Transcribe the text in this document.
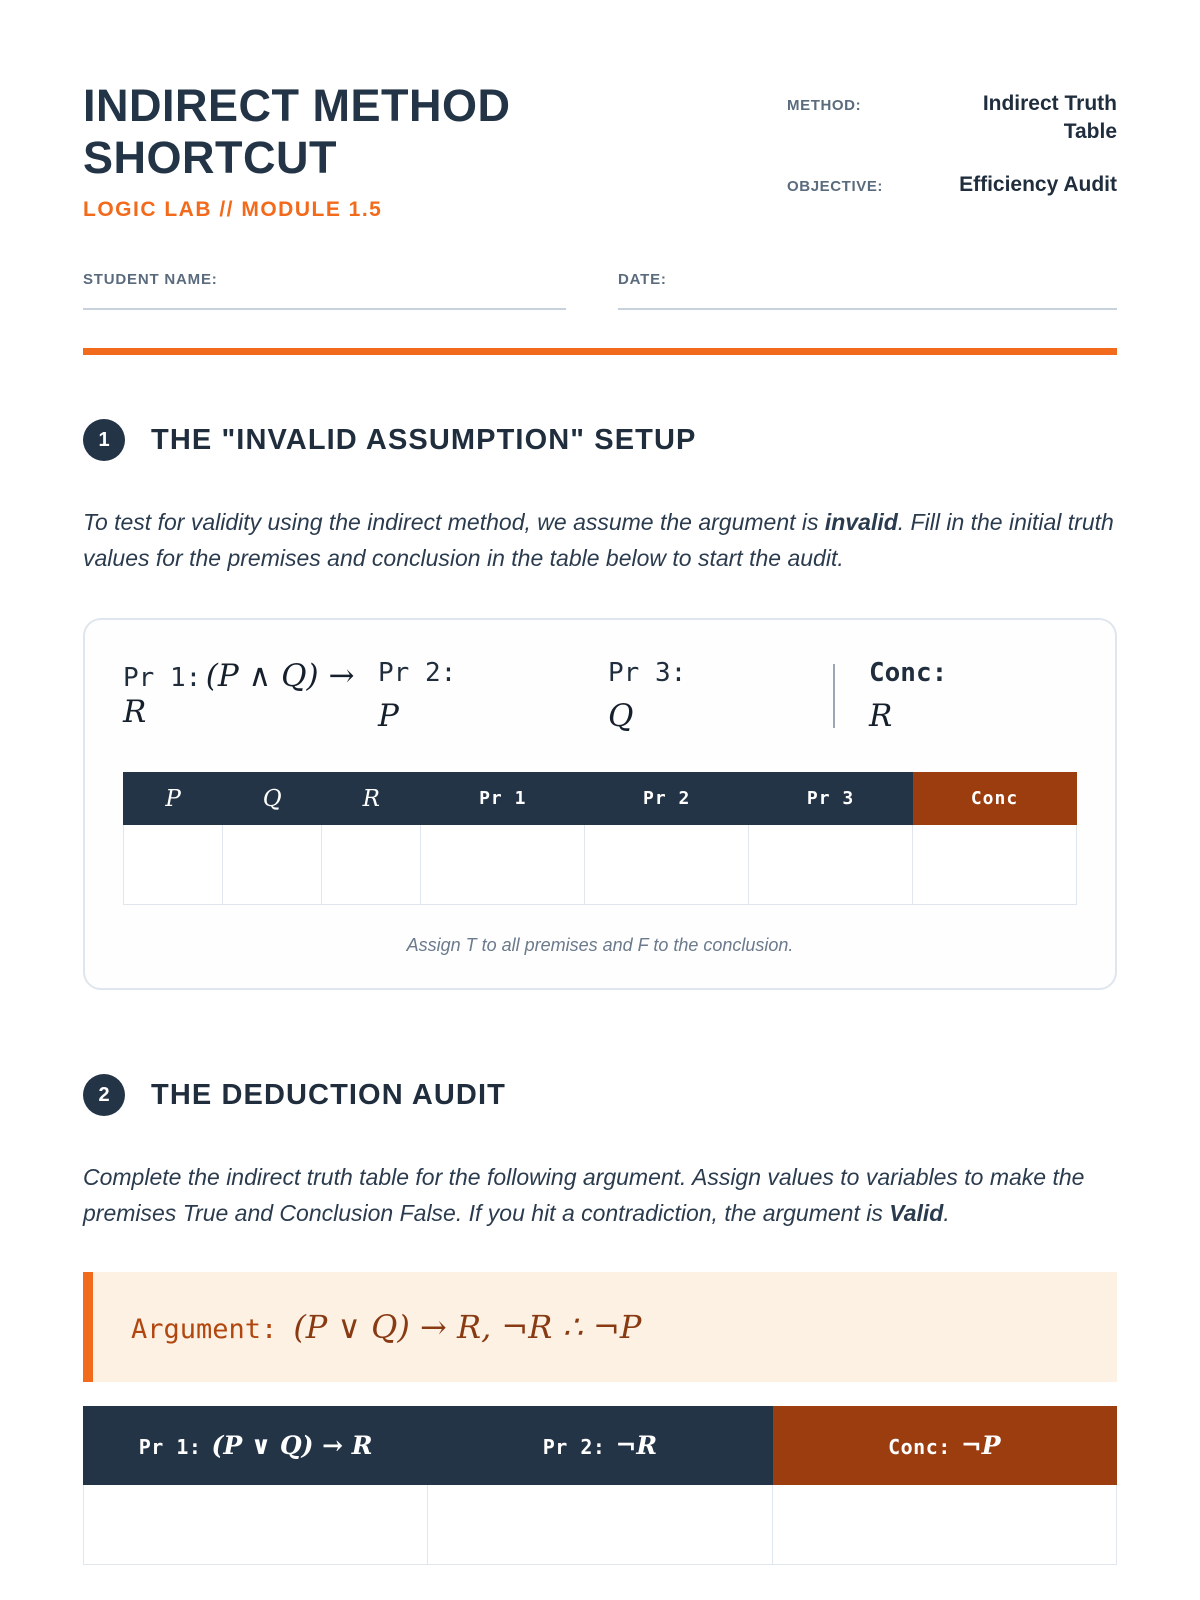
INDIRECT METHOD SHORTCUT
LOGIC LAB // MODULE 1.5
METHOD:	Indirect Truth Table
OBJECTIVE:	Efficiency Audit
STUDENT NAME:	DATE:
1	THE "INVALID ASSUMPTION" SETUP

To test for validity using the indirect method, we assume the argument is invalid. Fill in the initial truth values for the premises and conclusion in the table below to start the audit.

Pr 1: (P ∧ Q) → R
Pr 2:
P
Pr 3:
Q
Conc:
R
P	Q	R	Pr 1	Pr 2	Pr 3	Conc

Assign T to all premises and F to the conclusion.
2	THE DEDUCTION AUDIT

Complete the indirect truth table for the following argument. Assign values to variables to make the premises True and Conclusion False. If you hit a contradiction, the argument is Valid.

Argument: (P ∨ Q) → R, ¬R ∴ ¬P
Pr 1: (P ∨ Q) → R	Pr 2: ¬R	Conc: ¬P
